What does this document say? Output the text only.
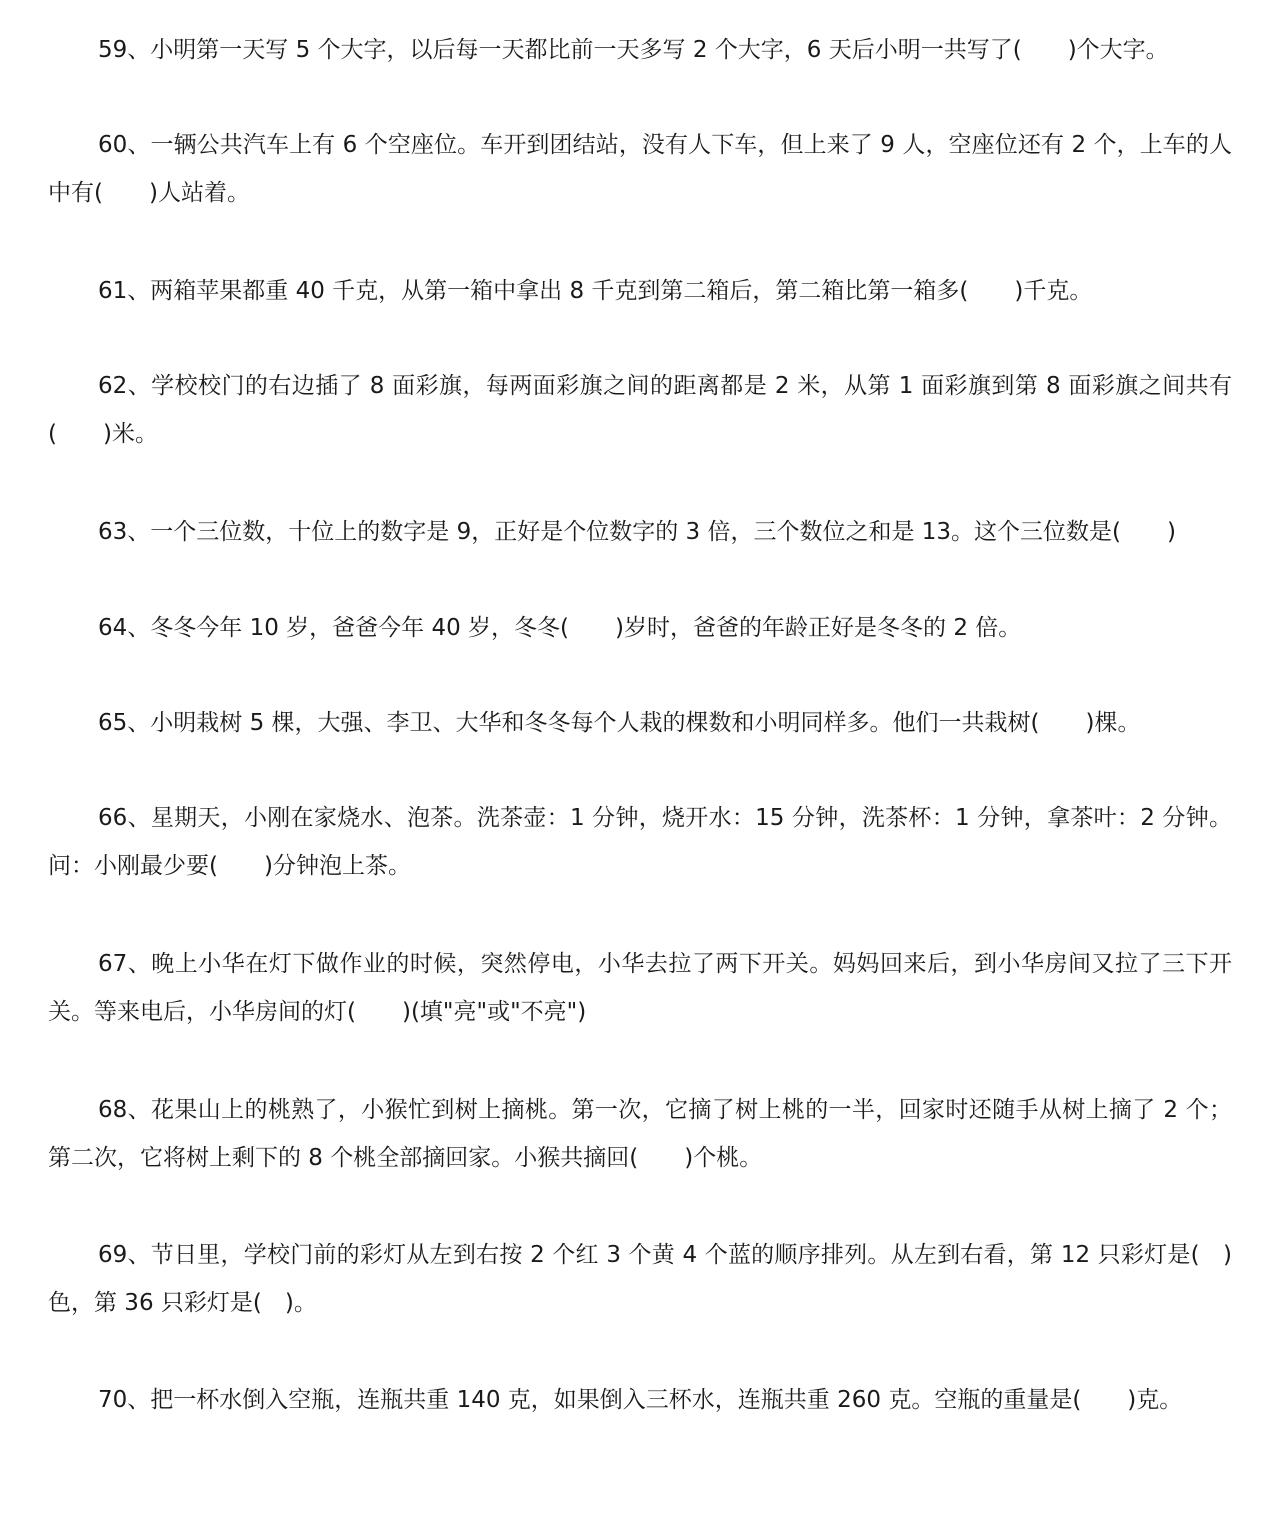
59、小明第一天写 5 个大字，以后每一天都比前一天多写 2 个大字，6 天后小明一共写了(　　)个大字。
60、一辆公共汽车上有 6 个空座位。车开到团结站，没有人下车，但上来了 9 人，空座位还有 2 个，上车的人中有(　　)人站着。
61、两箱苹果都重 40 千克，从第一箱中拿出 8 千克到第二箱后，第二箱比第一箱多(　　)千克。
62、学校校门的右边插了 8 面彩旗，每两面彩旗之间的距离都是 2 米，从第 1 面彩旗到第 8 面彩旗之间共有(　　)米。
63、一个三位数，十位上的数字是 9，正好是个位数字的 3 倍，三个数位之和是 13。这个三位数是(　　)
64、冬冬今年 10 岁，爸爸今年 40 岁，冬冬(　　)岁时，爸爸的年龄正好是冬冬的 2 倍。
65、小明栽树 5 棵，大强、李卫、大华和冬冬每个人栽的棵数和小明同样多。他们一共栽树(　　)棵。
66、星期天，小刚在家烧水、泡茶。洗茶壶：1 分钟，烧开水：15 分钟，洗茶杯：1 分钟，拿茶叶：2 分钟。问：小刚最少要(　　)分钟泡上茶。
67、晚上小华在灯下做作业的时候，突然停电，小华去拉了两下开关。妈妈回来后，到小华房间又拉了三下开关。等来电后，小华房间的灯(　　)(填"亮"或"不亮")
68、花果山上的桃熟了，小猴忙到树上摘桃。第一次，它摘了树上桃的一半，回家时还随手从树上摘了 2 个；第二次，它将树上剩下的 8 个桃全部摘回家。小猴共摘回(　　)个桃。
69、节日里，学校门前的彩灯从左到右按 2 个红 3 个黄 4 个蓝的顺序排列。从左到右看，第 12 只彩灯是(　)色，第 36 只彩灯是(　)。
70、把一杯水倒入空瓶，连瓶共重 140 克，如果倒入三杯水，连瓶共重 260 克。空瓶的重量是(　　)克。
